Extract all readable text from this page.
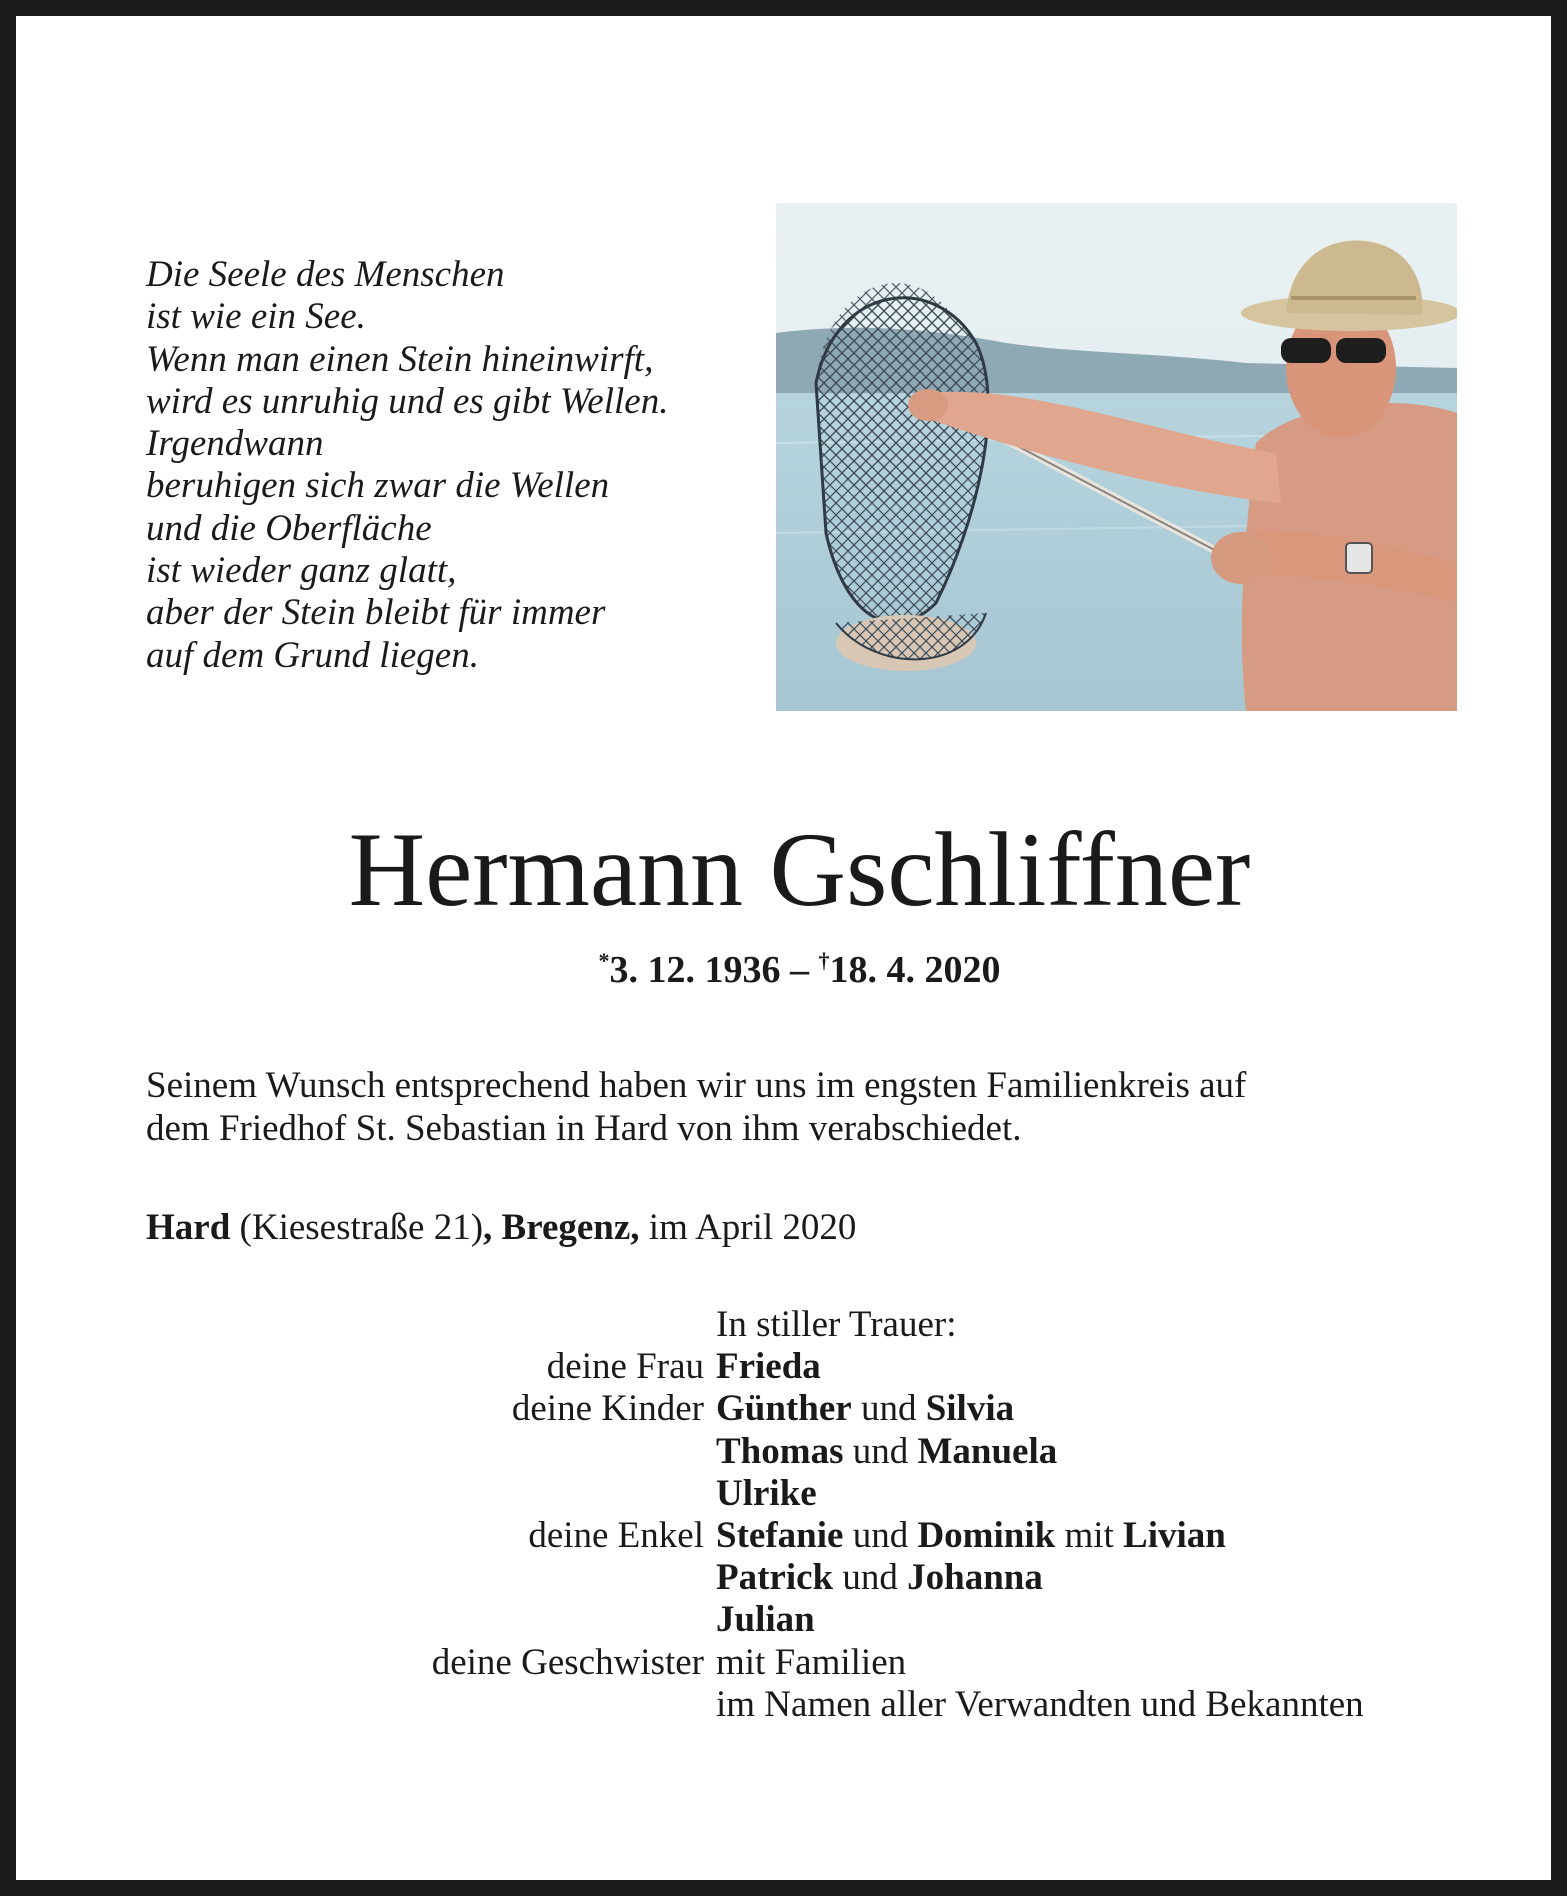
Die Seele des Menschen
ist wie ein See.
Wenn man einen Stein hineinwirft,
wird es unruhig und es gibt Wellen.
Irgendwann
beruhigen sich zwar die Wellen
und die Oberfläche
ist wieder ganz glatt,
aber der Stein bleibt für immer
auf dem Grund liegen.
Hermann Gschliffner
*3. 12. 1936 – †18. 4. 2020
Seinem Wunsch entsprechend haben wir uns im engsten Familienkreis auf
dem Friedhof St. Sebastian in Hard von ihm verabschiedet.
Hard (Kiesestraße 21), Bregenz, im April 2020
In stiller Trauer:
deine Frau Frieda
deine Kinder Günther und Silvia
Thomas und Manuela
Ulrike
deine Enkel Stefanie und Dominik mit Livian
Patrick und Johanna
Julian
deine Geschwister mit Familien
im Namen aller Verwandten und Bekannten
